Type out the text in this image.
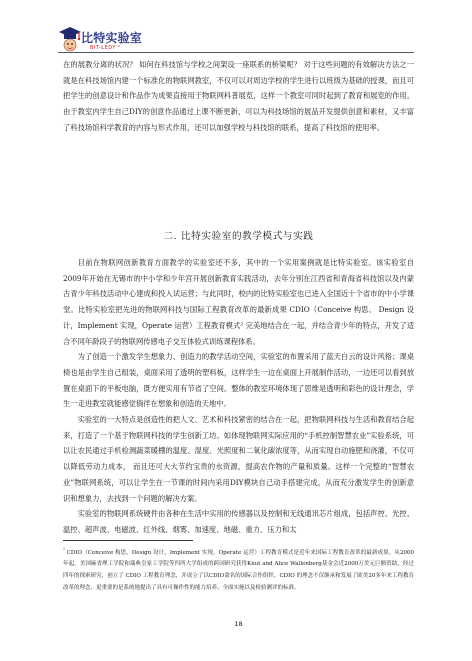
比特实验室
BIT-LEDY™

在的展教分离的状况？ 如何在科技馆与学校之间架设一座联系的桥梁呢？ 对于这些问题的有效解决方法之一就是在科技场馆内建一个标准化的物联网教室，不仅可以对周边学校的学生进行以班级为基础的授课，而且可把学生的创意设计和作品作为成果直接用于物联网科普展览，这样一个教室可同时起到了教育和展览的作用。由于教室内学生自己DIY的创意作品通过上课不断更新，可以为科技场馆的展品开发提供创意和素材，又丰富了科技场馆科学教育的内容与形式作用，还可以加强学校与科技馆的联系，提高了科技馆的使用率。

二. 比特实验室的教学模式与实践

目前在物联网创新教育方面教学的实验室还不多，其中的一个实用案例就是比特实验室。该实验室自2009年开始在无锡市的中小学和少年宫开展创新教育实践活动，去年分别在江西省和青海省科技馆以及内蒙古青少年科技活动中心建成和投入试运营；与此同时，校内的比特实验室也已进入全国近十个省市的中小学课堂。比特实验室把先进的物联网科技与国际工程教育改革的最新成果 CDIO（Conceive 构思、 Design 设计，Implement 实现，Operate 运营）工程教育模式² 完美地结合在一起，并结合青少年的特点，开发了适合不同年龄段子的物联网传感电子交互体验式训练课程体系。

为了创造一个激发学生想象力、创造力的教学活动空间，实验室的布置采用了蓝天白云的设计风格；课桌椅也是由学生自己组装，桌面采用了透明的塑料板，这样学生一边在桌面上开展制作活动，一边还可以看到放置在桌面下的平板电脑，既方便实用有节省了空间。整体的教室环境体现了思维是透明和彩色的设计理念，学生一走进教室就能感觉徜徉在想象和创造的天地中。

实验室的一大特点是创造性的把人文、艺术和科技紧密的结合在一起，把物联网科技与生活和教育结合起来，打造了一个基于物联网科技的学生创新工坊。如体现物联网实际应用的“手机控制智慧农业”实验系统，可以让农民通过手机检测蔬菜暖棚的温度、湿度、光照度和二氧化碳浓度等，从而实现自动施肥和浇灌，不仅可以降低劳动力成本， 而且还可大大节约宝贵的水资源，提高农作物的产量和质量。这样一个完整的“智慧农业”物联网系统，可以让学生在一节课的时间内采用DIY模块自己动手搭建完成，从而充分激发学生的创新意识和想象力，去找到一个问题的解决方案。

实验室的物联网系统硬件由各种在生活中实用的传感器以及控制和无线通讯芯片组成，包括声控、光控、温控、超声波、电磁波、红外线、烟雾、加速度、地磁、重力、压力和太

$^{^2}$ CDIO（Conceive 构思，Design 设计，Implement 实现，Operate 运营）工程教育模式是近年来国际工程教育改革的最新成果。从2000年起，美国麻省理工学院和瑞典皇家工学院等四所大学组成的跨国研究获得Knut and Alice Wallenberg基金会近2000万美元巨额资助，经过四年的探索研究，创立了 CDIO 工程教育理念，并成立了以CDIO命名的国际合作组织。CDIO 的理念不仅继承和发展了欧美20多年来工程教育改革的理念，更重要的是系统地提出了具有可操作性的能力培养、全面实施以及检验测评的标准。
18
